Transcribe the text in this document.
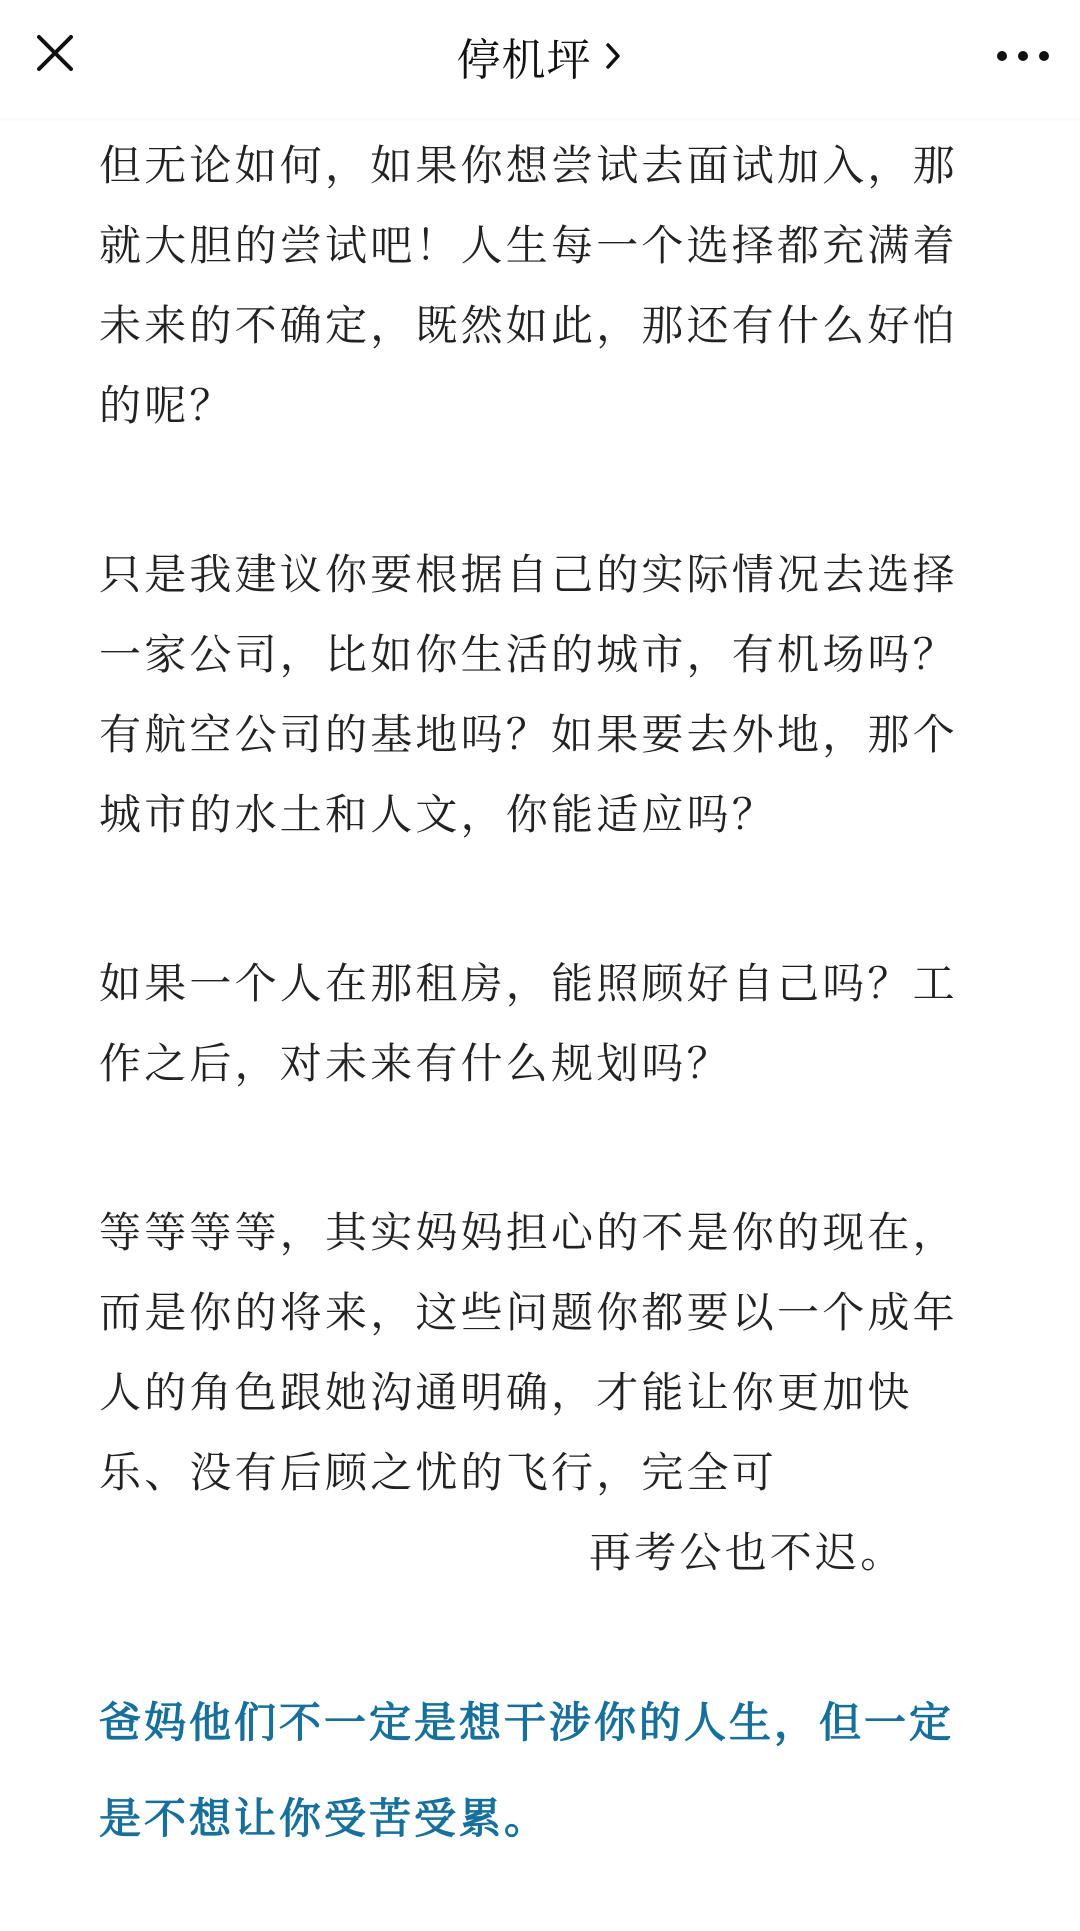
停机坪

但无论如何，如果你想尝试去面试加入，那就大胆的尝试吧！人生每一个选择都充满着未来的不确定，既然如此，那还有什么好怕的呢？

只是我建议你要根据自己的实际情况去选择一家公司，比如你生活的城市，有机场吗？有航空公司的基地吗？如果要去外地，那个城市的水土和人文，你能适应吗？

如果一个人在那租房，能照顾好自己吗？工作之后，对未来有什么规划吗？

等等等等，其实妈妈担心的不是你的现在，而是你的将来，这些问题你都要以一个成年人的角色跟她沟通明确，才能让你更加快乐、没有后顾之忧的飞行，完全可

再考公也不迟。

爸妈他们不一定是想干涉你的人生，但一定是不想让你受苦受累。
